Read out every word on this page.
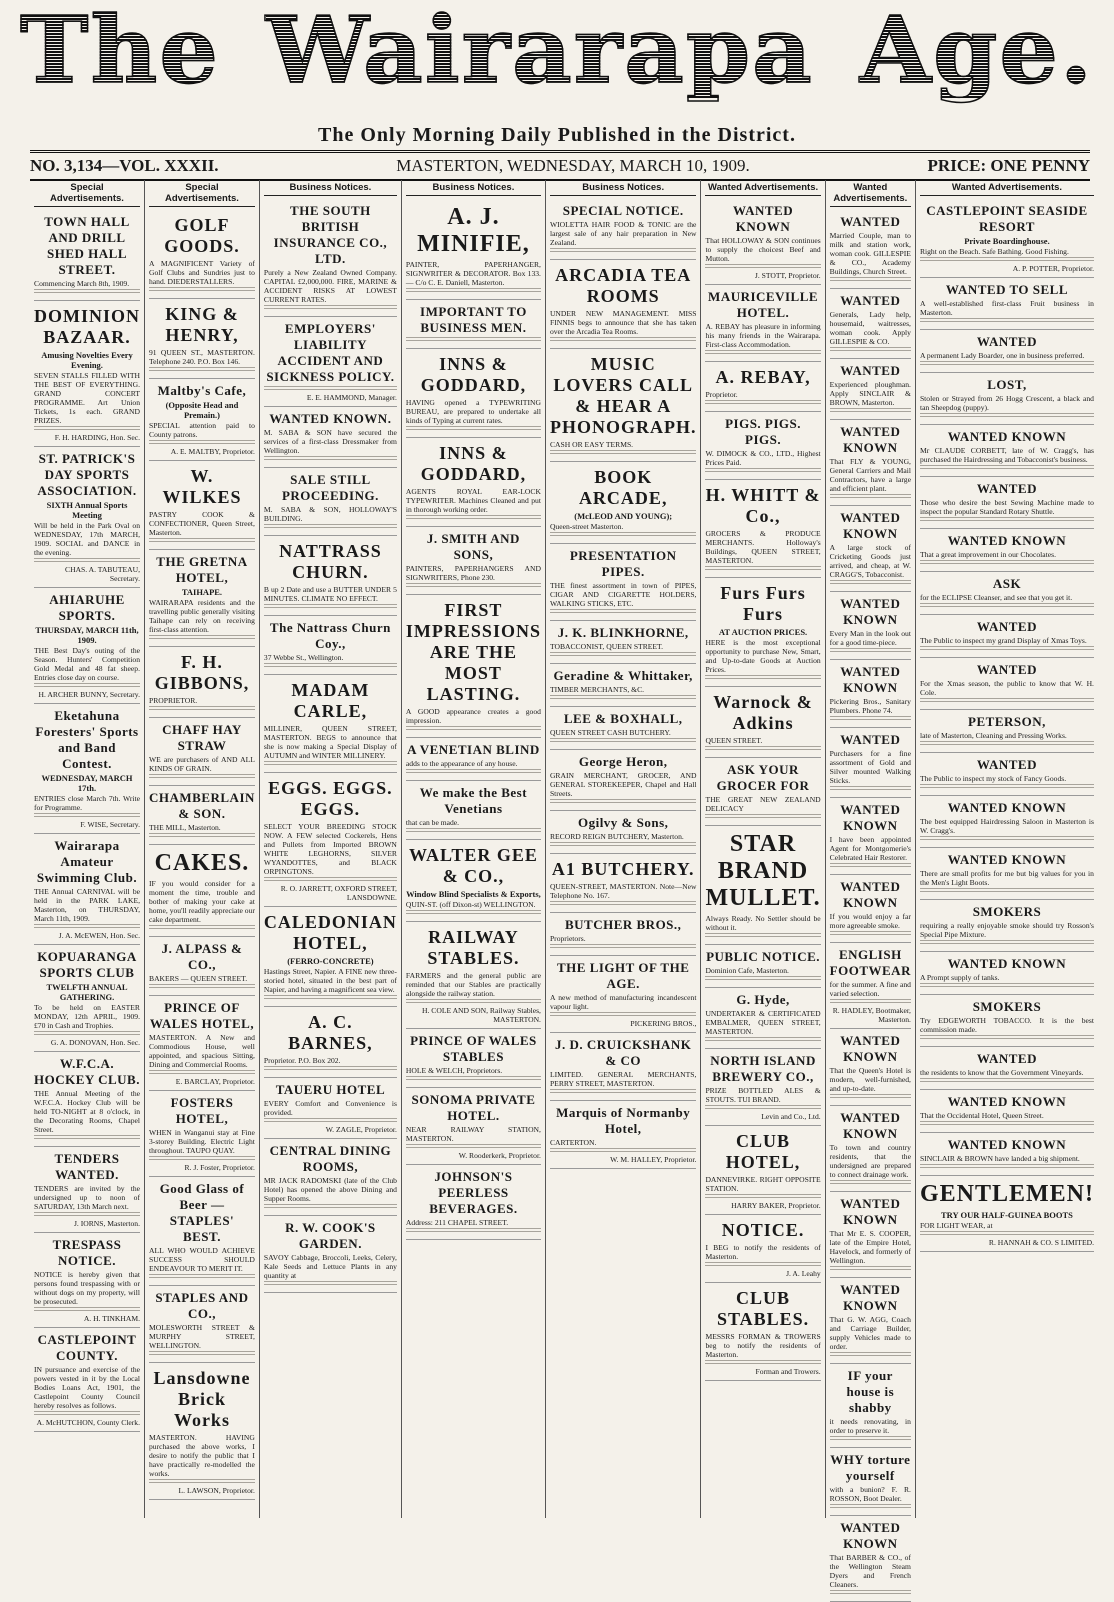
The Wairarapa Age.
The Only Morning Daily Published in the District.
NO. 3,134—VOL. XXXII.	MASTERTON, WEDNESDAY, MARCH 10, 1909.	PRICE: ONE PENNY
Special Advertisements.
TOWN HALL AND DRILL SHED HALL STREET.

Commencing March 8th, 1909.

DOMINION BAZAAR.
Amusing Novelties Every Evening.

SEVEN STALLS FILLED WITH THE BEST OF EVERYTHING. GRAND CONCERT PROGRAMME. Art Union Tickets, 1s each. GRAND PRIZES.

F. H. HARDING, Hon. Sec.
ST. PATRICK'S DAY SPORTS ASSOCIATION.
SIXTH Annual Sports Meeting

Will be held in the Park Oval on WEDNESDAY, 17th MARCH, 1909. SOCIAL and DANCE in the evening.

CHAS. A. TABUTEAU, Secretary.
AHIARUHE SPORTS.
THURSDAY, MARCH 11th, 1909.

THE Best Day's outing of the Season. Hunters' Competition Gold Medal and 48 fat sheep. Entries close day on course.

H. ARCHER BUNNY, Secretary.
Eketahuna Foresters' Sports and Band Contest.
WEDNESDAY, MARCH 17th.

ENTRIES close March 7th. Write for Programme.

F. WISE, Secretary.
Wairarapa Amateur Swimming Club.

THE Annual CARNIVAL will be held in the PARK LAKE, Masterton, on THURSDAY, March 11th, 1909.

J. A. McEWEN, Hon. Sec.
KOPUARANGA SPORTS CLUB
TWELFTH ANNUAL GATHERING.

To be held on EASTER MONDAY, 12th APRIL, 1909. £70 in Cash and Trophies.

G. A. DONOVAN, Hon. Sec.
W.F.C.A. HOCKEY CLUB.

THE Annual Meeting of the W.F.C.A. Hockey Club will be held TO-NIGHT at 8 o'clock, in the Decorating Rooms, Chapel Street.

TENDERS WANTED.

TENDERS are invited by the undersigned up to noon of SATURDAY, 13th March next.

J. IORNS, Masterton.
TRESPASS NOTICE.

NOTICE is hereby given that persons found trespassing with or without dogs on my property, will be prosecuted.

A. H. TINKHAM.
CASTLEPOINT COUNTY.

IN pursuance and exercise of the powers vested in it by the Local Bodies Loans Act, 1901, the Castlepoint County Council hereby resolves as follows.

A. McHUTCHON, County Clerk.
Special Advertisements.
GOLF GOODS.

A MAGNIFICENT Variety of Golf Clubs and Sundries just to hand. DIEDERSTALLERS.

KING & HENRY,

91 QUEEN ST., MASTERTON. Telephone 240. P.O. Box 146.

Maltby's Cafe,
(Opposite Head and Premain.)

SPECIAL attention paid to County patrons.

A. E. MALTBY, Proprietor.
W. WILKES

PASTRY COOK & CONFECTIONER, Queen Street, Masterton.

THE GRETNA HOTEL,
TAIHAPE.

WAIRARAPA residents and the travelling public generally visiting Taihape can rely on receiving first-class attention.

F. H. GIBBONS,

PROPRIETOR.

CHAFF HAY STRAW

WE are purchasers of AND ALL KINDS OF GRAIN.

CHAMBERLAIN & SON.

THE MILL, Masterton.

CAKES.

IF you would consider for a moment the time, trouble and bother of making your cake at home, you'll readily appreciate our cake department.

J. ALPASS & CO.,

BAKERS — QUEEN STREET.

PRINCE OF WALES HOTEL,

MASTERTON. A New and Commodious House, well appointed, and spacious Sitting, Dining and Commercial Rooms.

E. BARCLAY, Proprietor.
FOSTERS HOTEL,

WHEN in Wanganui stay at Fine 3-storey Building. Electric Light throughout. TAUPO QUAY.

R. J. Foster, Proprietor.
Good Glass of Beer — STAPLES' BEST.

ALL WHO WOULD ACHIEVE SUCCESS SHOULD ENDEAVOUR TO MERIT IT.

STAPLES AND CO.,

MOLESWORTH STREET & MURPHY STREET, WELLINGTON.

Lansdowne Brick Works

MASTERTON. HAVING purchased the above works, I desire to notify the public that I have practically re-modelled the works.

L. LAWSON, Proprietor.
Business Notices.
THE SOUTH BRITISH INSURANCE CO., LTD.

Purely a New Zealand Owned Company. CAPITAL £2,000,000. FIRE, MARINE & ACCIDENT RISKS AT LOWEST CURRENT RATES.

EMPLOYERS' LIABILITY ACCIDENT AND SICKNESS POLICY.
E. E. HAMMOND, Manager.
WANTED KNOWN.

M. SABA & SON have secured the services of a first-class Dressmaker from Wellington.

SALE STILL PROCEEDING.

M. SABA & SON, HOLLOWAY'S BUILDING.

NATTRASS CHURN.

B up 2 Date and use a BUTTER UNDER 5 MINUTES. CLIMATE NO EFFECT.

The Nattrass Churn Coy.,

37 Webbe St., Wellington.

MADAM CARLE,

MILLINER, QUEEN STREET, MASTERTON. BEGS to announce that she is now making a Special Display of AUTUMN and WINTER MILLINERY.

EGGS. EGGS. EGGS.

SELECT YOUR BREEDING STOCK NOW. A FEW selected Cockerels, Hens and Pullets from Imported BROWN WHITE LEGHORNS, SILVER WYANDOTTES, and BLACK ORPINGTONS.

R. O. JARRETT, OXFORD STREET, LANSDOWNE.
CALEDONIAN HOTEL,
(FERRO-CONCRETE)

Hastings Street, Napier. A FINE new three-storied hotel, situated in the best part of Napier, and having a magnificent sea view.

A. C. BARNES,

Proprietor. P.O. Box 202.

TAUERU HOTEL

EVERY Comfort and Convenience is provided.

W. ZAGLE, Proprietor.
CENTRAL DINING ROOMS,

MR JACK RADOMSKI (late of the Club Hotel) has opened the above Dining and Supper Rooms.

R. W. COOK'S GARDEN.

SAVOY Cabbage, Broccoli, Leeks, Celery, Kale Seeds and Lettuce Plants in any quantity at

Business Notices.
A. J. MINIFIE,

PAINTER, PAPERHANGER, SIGNWRITER & DECORATOR. Box 133. — C/o C. E. Daniell, Masterton.

IMPORTANT TO BUSINESS MEN.
INNS & GODDARD,

HAVING opened a TYPEWRITING BUREAU, are prepared to undertake all kinds of Typing at current rates.

INNS & GODDARD,

AGENTS ROYAL EAR-LOCK TYPEWRITER. Machines Cleaned and put in thorough working order.

J. SMITH AND SONS,

PAINTERS, PAPERHANGERS AND SIGNWRITERS, Phone 230.

FIRST IMPRESSIONS ARE THE MOST LASTING.

A GOOD appearance creates a good impression.

A VENETIAN BLIND

adds to the appearance of any house.

We make the Best Venetians

that can be made.

WALTER GEE & CO.,
Window Blind Specialists & Exports,

QUIN-ST. (off Dixon-st) WELLINGTON.

RAILWAY STABLES.

FARMERS and the general public are reminded that our Stables are practically alongside the railway station.

H. COLE AND SON, Railway Stables, MASTERTON.
PRINCE OF WALES STABLES

HOLE & WELCH, Proprietors.

SONOMA PRIVATE HOTEL.

NEAR RAILWAY STATION, MASTERTON.

W. Rooderkerk, Proprietor.
JOHNSON'S PEERLESS BEVERAGES.

Address: 211 CHAPEL STREET.

Business Notices.
SPECIAL NOTICE.

WIOLETTA HAIR FOOD & TONIC are the largest sale of any hair preparation in New Zealand.

ARCADIA TEA ROOMS

UNDER NEW MANAGEMENT. MISS FINNIS begs to announce that she has taken over the Arcadia Tea Rooms.

MUSIC LOVERS CALL & HEAR A PHONOGRAPH.

CASH OR EASY TERMS.

BOOK ARCADE,
(McLEOD AND YOUNG);

Queen-street Masterton.

PRESENTATION PIPES.

THE finest assortment in town of PIPES, CIGAR AND CIGARETTE HOLDERS, WALKING STICKS, ETC.

J. K. BLINKHORNE,

TOBACCONIST, QUEEN STREET.

Geradine & Whittaker,

TIMBER MERCHANTS, &C.

LEE & BOXHALL,

QUEEN STREET CASH BUTCHERY.

George Heron,

GRAIN MERCHANT, GROCER, AND GENERAL STOREKEEPER, Chapel and Hall Streets.

Ogilvy & Sons,

RECORD REIGN BUTCHERY, Masterton.

A1 BUTCHERY.

QUEEN-STREET, MASTERTON. Note—New Telephone No. 167.

BUTCHER BROS.,

Proprietors.

THE LIGHT OF THE AGE.

A new method of manufacturing incandescent vapour light.

PICKERING BROS.,
J. D. CRUICKSHANK & CO

LIMITED. GENERAL MERCHANTS, PERRY STREET, MASTERTON.

Marquis of Normanby Hotel,

CARTERTON.

W. M. HALLEY, Proprietor.
Wanted Advertisements.
WANTED KNOWN

That HOLLOWAY & SON continues to supply the choicest Beef and Mutton.

J. STOTT, Proprietor.
MAURICEVILLE HOTEL.

A. REBAY has pleasure in informing his many friends in the Wairarapa. First-class Accommodation.

A. REBAY,

Proprietor.

PIGS. PIGS. PIGS.

W. DIMOCK & CO., LTD., Highest Prices Paid.

H. WHITT & Co.,

GROCERS & PRODUCE MERCHANTS. Holloway's Buildings, QUEEN STREET, MASTERTON.

Furs Furs Furs
AT AUCTION PRICES.

HERE is the most exceptional opportunity to purchase New, Smart, and Up-to-date Goods at Auction Prices.

Warnock & Adkins

QUEEN STREET.

ASK YOUR GROCER FOR

THE GREAT NEW ZEALAND DELICACY

STAR BRAND MULLET.

Always Ready. No Settler should be without it.

PUBLIC NOTICE.

Dominion Cafe, Masterton.

G. Hyde,

UNDERTAKER & CERTIFICATED EMBALMER, QUEEN STREET, MASTERTON.

NORTH ISLAND BREWERY CO.,

PRIZE BOTTLED ALES & STOUTS. TUI BRAND.

Levin and Co., Ltd.
CLUB HOTEL,

DANNEVIRKE. RIGHT OPPOSITE STATION.

HARRY BAKER, Proprietor.
NOTICE.

I BEG to notify the residents of Masterton.

J. A. Leahy
CLUB STABLES.

MESSRS FORMAN & TROWERS beg to notify the residents of Masterton.

Forman and Trowers.
Wanted Advertisements.
WANTED

Married Couple, man to milk and station work, woman cook. GILLESPIE & CO., Academy Buildings, Church Street.

WANTED

Generals, Lady help, housemaid, waitresses, woman cook. Apply GILLESPIE & CO.

WANTED

Experienced ploughman. Apply SINCLAIR & BROWN, Masterton.

WANTED KNOWN

That FLY & YOUNG, General Carriers and Mail Contractors, have a large and efficient plant.

WANTED KNOWN

A large stock of Cricketing Goods just arrived, and cheap, at W. CRAGG'S, Tobacconist.

WANTED KNOWN

Every Man in the look out for a good time-piece.

WANTED KNOWN

Pickering Bros., Sanitary Plumbers. Phone 74.

WANTED

Purchasers for a fine assortment of Gold and Silver mounted Walking Sticks.

WANTED KNOWN

I have been appointed Agent for Montgomerie's Celebrated Hair Restorer.

WANTED KNOWN

If you would enjoy a far more agreeable smoke.

ENGLISH FOOTWEAR

for the summer. A fine and varied selection.

R. HADLEY, Bootmaker, Masterton.
WANTED KNOWN

That the Queen's Hotel is modern, well-furnished, and up-to-date.

WANTED KNOWN

To town and country residents, that the undersigned are prepared to connect drainage work.

WANTED KNOWN

That Mr E. S. COOPER, late of the Empire Hotel, Havelock, and formerly of Wellington.

WANTED KNOWN

That G. W. AGG, Coach and Carriage Builder, supply Vehicles made to order.

IF your house is shabby

it needs renovating, in order to preserve it.

WHY torture yourself

with a bunion? F. R. ROSSON, Boot Dealer.

WANTED KNOWN

That BARBER & CO., of the Wellington Steam Dyers and French Cleaners.

Wanted Advertisements.
CASTLEPOINT SEASIDE RESORT
Private Boardinghouse.

Right on the Beach. Safe Bathing. Good Fishing.

A. P. POTTER, Proprietor.
WANTED TO SELL

A well-established first-class Fruit business in Masterton.

WANTED

A permanent Lady Boarder, one in business preferred.

LOST,

Stolen or Strayed from 26 Hogg Crescent, a black and tan Sheepdog (puppy).

WANTED KNOWN

Mr CLAUDE CORBETT, late of W. Cragg's, has purchased the Hairdressing and Tobacconist's business.

WANTED

Those who desire the best Sewing Machine made to inspect the popular Standard Rotary Shuttle.

WANTED KNOWN

That a great improvement in our Chocolates.

ASK

for the ECLIPSE Cleanser, and see that you get it.

WANTED

The Public to inspect my grand Display of Xmas Toys.

WANTED

For the Xmas season, the public to know that W. H. Cole.

PETERSON,

late of Masterton, Cleaning and Pressing Works.

WANTED

The Public to inspect my stock of Fancy Goods.

WANTED KNOWN

The best equipped Hairdressing Saloon in Masterton is W. Cragg's.

WANTED KNOWN

There are small profits for me but big values for you in the Men's Light Boots.

SMOKERS

requiring a really enjoyable smoke should try Rosson's Special Pipe Mixture.

WANTED KNOWN

A Prompt supply of tanks.

SMOKERS

Try EDGEWORTH TOBACCO. It is the best commission made.

WANTED

the residents to know that the Government Vineyards.

WANTED KNOWN

That the Occidental Hotel, Queen Street.

WANTED KNOWN

SINCLAIR & BROWN have landed a big shipment.

GENTLEMEN!
TRY OUR HALF-GUINEA BOOTS

FOR LIGHT WEAR, at

R. HANNAH & CO. S LIMITED.
